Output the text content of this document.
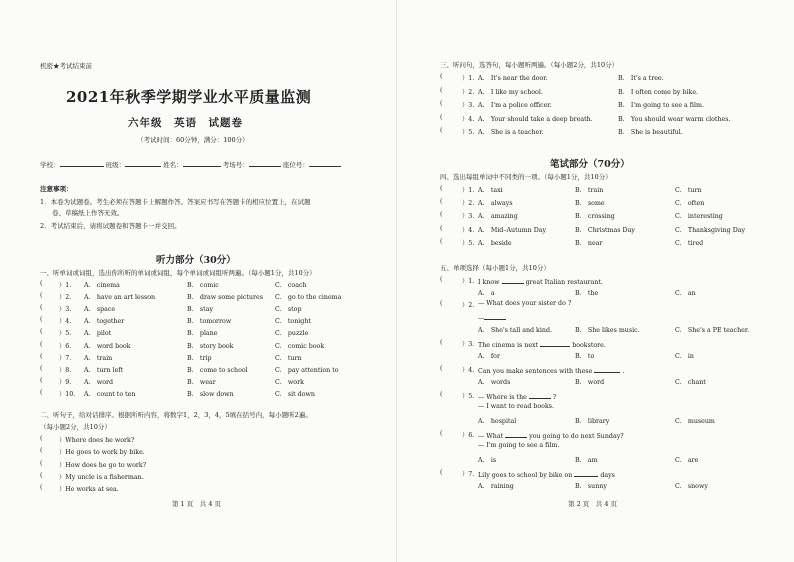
机密★考试结束前
2021年秋季学期学业水平质量监测
六年级　英语　试题卷
（考试时间：60分钟，满分：100分）
学校：	班级：	姓名：	考场号：	座位号：
注意事项：
1．本卷为试题卷。考生必须在答题卡上解题作答。答案应书写在答题卡的相应位置上，在试题
卷、草稿纸上作答无效。
2．考试结束后，请将试题卷和答题卡一并交回。
听力部分（30分）
一、听单词或词组，选出你所听的单词或词组，每个单词或词组听两遍。（每小题1分，共10分）
(	）1. A.　cinema	B.　comic	C.　coach
(	）2. A.　have an art lesson	B.　draw some pictures C.　go to the cinema
(	）3. A.　space	B.　stay	C.　stop
(	）4. A.　together	B.　tomorrow	C.　tonight
(	）5. A.　pilot	B.　plane	C.　puzzle
(	）6. A.　word book	B.　story book	C.　comic book
(	）7. A.　train	B.　trip	C.　turn
(	）8. A.　turn left	B.　come to school	C.　pay attention to
(	）9. A.　word	B.　wear	C.　work
(	）10. A.　count to ten	B.　slow down	C.　sit down
二、听句子，给对话排序。根据所听内容，将数字1，2，3，4，5填在括号内，每小题听2遍。
（每小题2分，共10分）
(	）Where does he work?
(	）He goes to work by bike.
(	）How does he go to work?
(	）My uncle is a fisherman.
(	）He works at sea.
第 1 页　共 4 页
三、听问句，选答句，每小题听两遍。（每小题2分，共10分）
(	）1. A.　It's near the door.	B.　It's a tree.
(	）2. A.　I like my school.	B.　I often come by bike.
(	）3. A.　I'm a police officer.	B.　I'm going to see a film.
(	）4. A.　Your should take a deep breath.	B.　You should wear warm clothes.
(	）5. A.　She is a teacher.	B.　She is beautiful.
笔试部分（70分）
四、选出每组单词中不同类的一项。（每小题1分，共10分）
(	）1. A.　taxi	B.　train	C.　turn
(	）2. A.　always	B.　some	C.　often
(	）3. A.　amazing	B.　crossing	C.　interesting
(	）4. A.　Mid–Autumn Day	B.　Christmas Day	C.　Thanksgiving Day
(	）5. A.　beside	B.　near	C.　tired
五、单项选择（每小题1分，共10分）
(	）1. I know	great Italian restaurant.
A.　a	B.　the	C.　an
(	）2. — What does your sister do ?
—
A.　She's tall and kind.	B.　She likes music.	C.　She's a PE teacher.
(	）3. The cinema is next	bookstore.
A.　for	B.　to	C.　in
(	）4. Can you make sentences with these	.
A.　words	B.　word	C.　chant
(	）5. — Where is the	?
— I want to read books.
A.　hospital	B.　library	C.　museum
(	）6. — What	you going to do next Sunday?
— I'm going to see a film.
A.　is	B.　am	C.　are
(	）7. Lily goes to school by bike on	days
A.　raining	B.　sunny	C.　snowy
第 2 页　共 4 页
